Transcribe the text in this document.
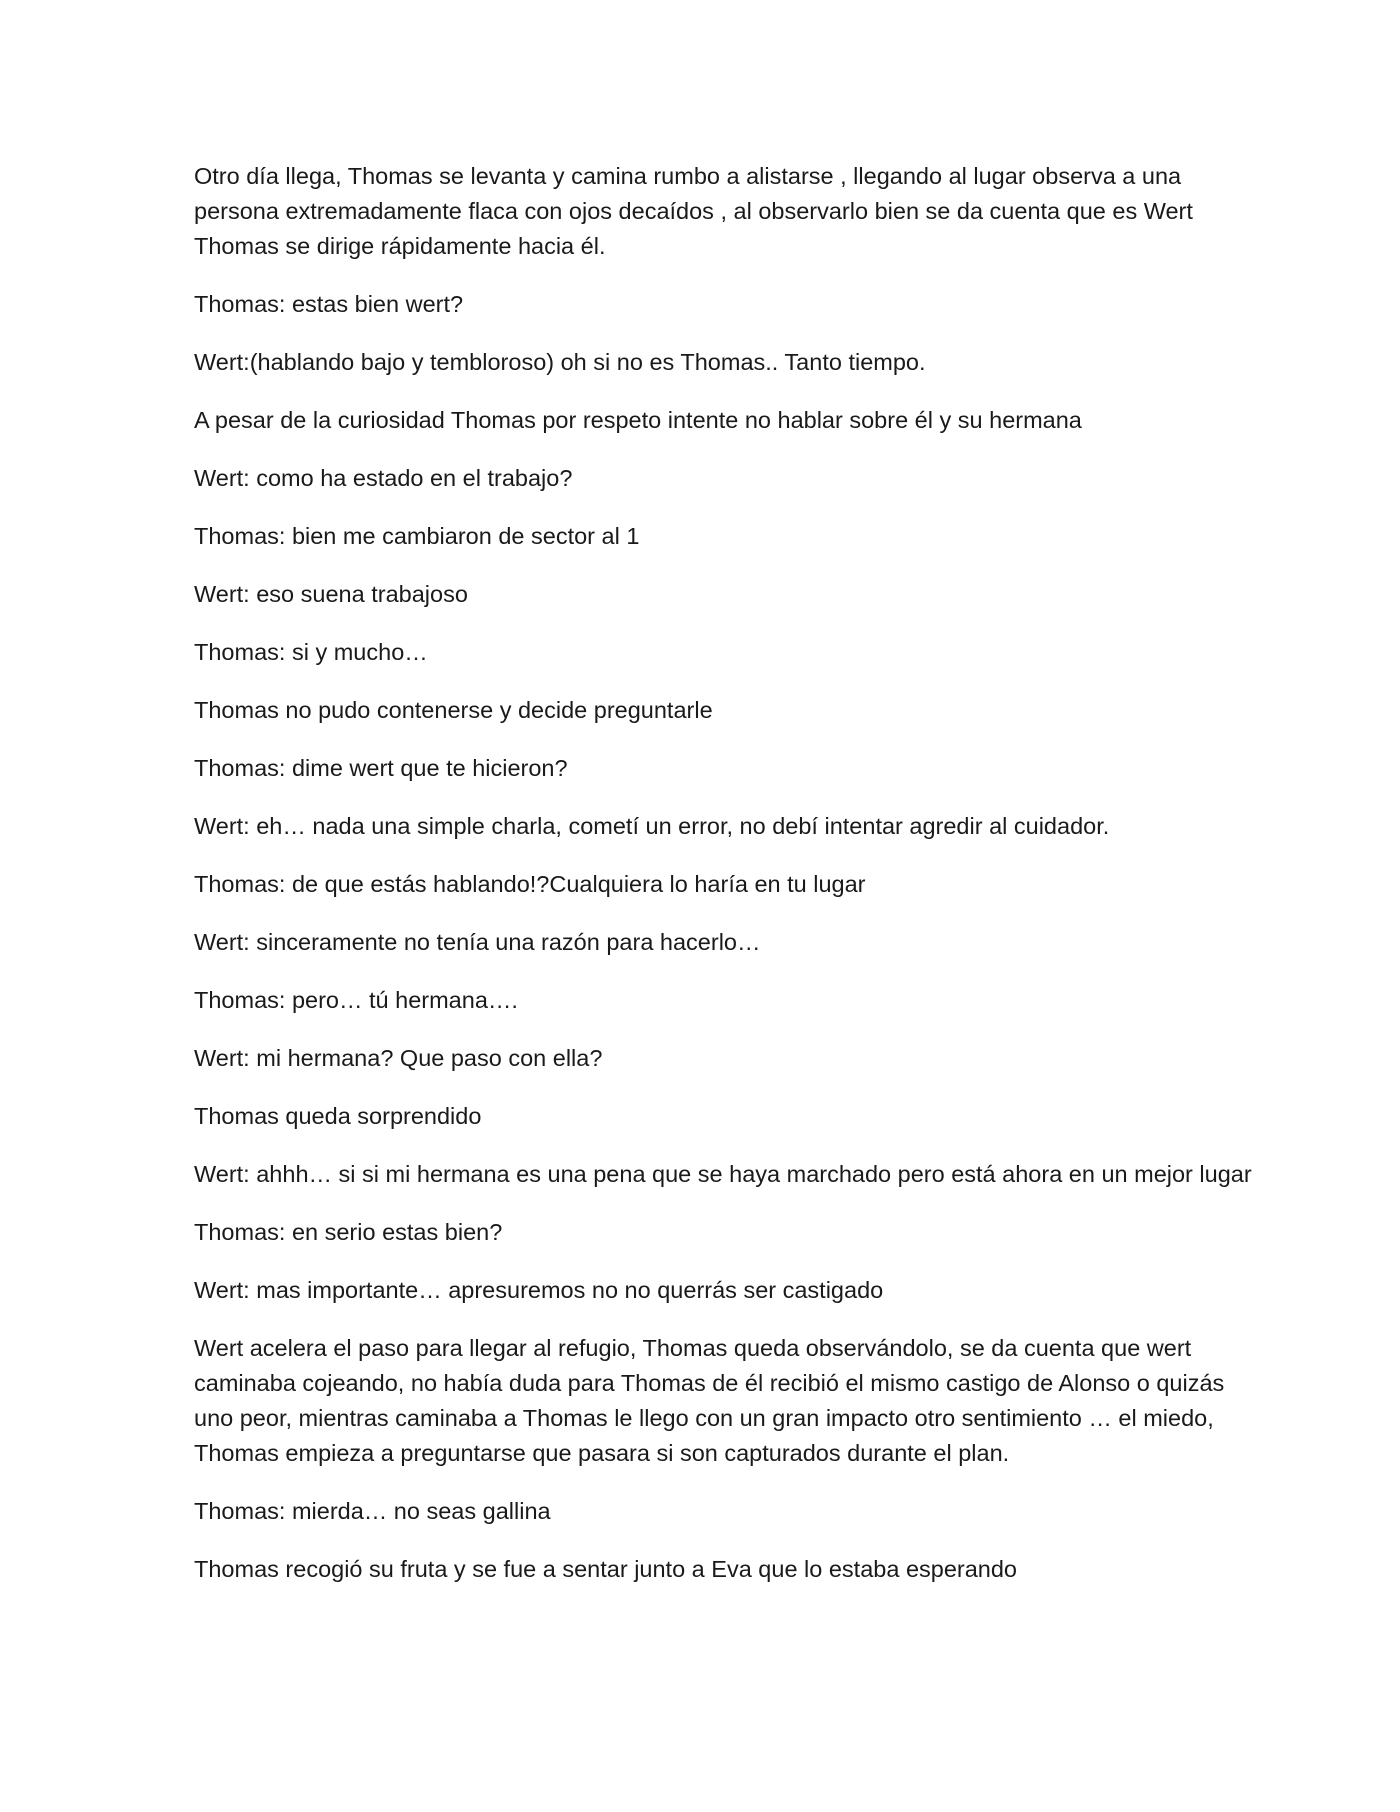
Otro día llega, Thomas se levanta y camina rumbo a alistarse , llegando al lugar observa a una persona extremadamente flaca con ojos decaídos , al observarlo bien se da cuenta que es Wert Thomas se dirige rápidamente hacia él.

Thomas: estas bien wert?

Wert:(hablando bajo y tembloroso) oh si no es Thomas.. Tanto tiempo.

A pesar de la curiosidad Thomas por respeto intente no hablar sobre él y su hermana

Wert: como ha estado en el trabajo?

Thomas: bien me cambiaron de sector al 1

Wert: eso suena trabajoso

Thomas: si y mucho…

Thomas no pudo contenerse y decide preguntarle

Thomas: dime wert que te hicieron?

Wert: eh… nada una simple charla, cometí un error, no debí intentar agredir al cuidador.

Thomas: de que estás hablando!?Cualquiera lo haría en tu lugar

Wert: sinceramente no tenía una razón para hacerlo…

Thomas: pero… tú hermana….

Wert: mi hermana? Que paso con ella?

Thomas queda sorprendido

Wert: ahhh… si si mi hermana es una pena que se haya marchado pero está ahora en un mejor lugar

Thomas: en serio estas bien?

Wert: mas importante… apresuremos no no querrás ser castigado

Wert acelera el paso para llegar al refugio, Thomas queda observándolo, se da cuenta que wert caminaba cojeando, no había duda para Thomas de él recibió el mismo castigo de Alonso o quizás uno peor, mientras caminaba a Thomas le llego con un gran impacto otro sentimiento … el miedo, Thomas empieza a preguntarse que pasara si son capturados durante el plan.

Thomas: mierda… no seas gallina

Thomas recogió su fruta y se fue a sentar junto a Eva que lo estaba esperando
